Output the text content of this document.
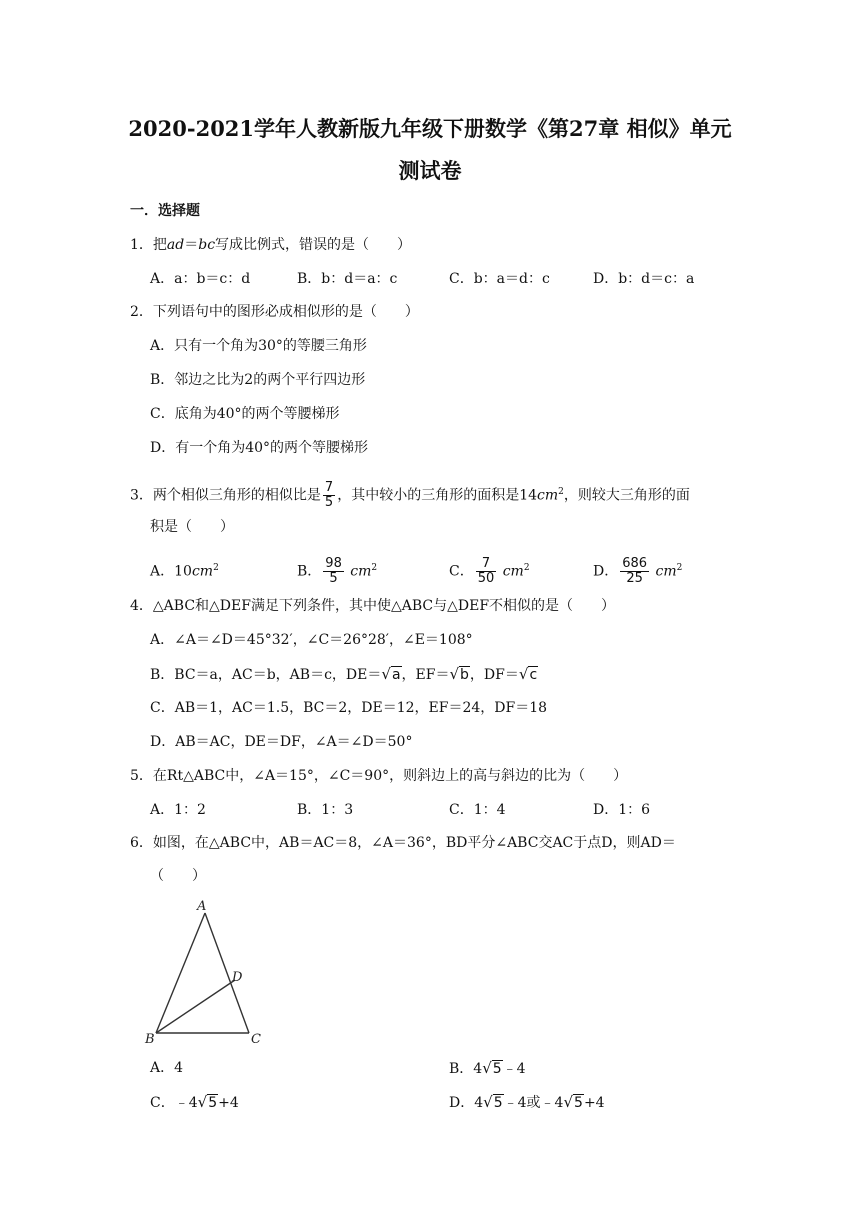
2020-2021学年人教新版九年级下册数学《第27章 相似》单元
测试卷
一．选择题
1．把ad＝bc写成比例式，错误的是（　　）
A．a：b＝c：d	B．b：d＝a：c	C．b：a＝d：c	D．b：d＝c：a
2．下列语句中的图形必成相似形的是（　　）
A．只有一个角为30°的等腰三角形
B．邻边之比为2的两个平行四边形
C．底角为40°的两个等腰梯形
D．有一个角为40°的两个等腰梯形
3．两个相似三角形的相似比是 $\frac{7}{5}$ ，其中较小的三角形的面积是$14cm^2$，则较大三角形的面
积是（　　）
A．$10cm^2$	B． $\frac{98}{5} cm^2$	C． $\frac{7}{50} cm^2$	D． $\frac{686}{25} cm^2$
4．△ABC和△DEF满足下列条件，其中使△ABC与△DEF不相似的是（　　）
A．∠A＝∠D＝45°32′，∠C＝26°28′，∠E＝108°
B．BC＝a，AC＝b，AB＝c，DE＝√a，EF＝√b，DF＝√c
C．AB＝1，AC＝1.5，BC＝2，DE＝12，EF＝24，DF＝18
D．AB＝AC，DE＝DF，∠A＝∠D＝50°
5．在Rt△ABC中，∠A＝15°，∠C＝90°，则斜边上的高与斜边的比为（　　）
A．1：2	B．1：3	C．1：4	D．1：6
6．如图，在△ABC中，AB＝AC＝8，∠A＝36°，BD平分∠ABC交AC于点D，则AD＝
（　　）
A
B	C
D
A．4	B．4√5﹣4
C．﹣4√5+4	D．4√5﹣4或﹣4√5+4
